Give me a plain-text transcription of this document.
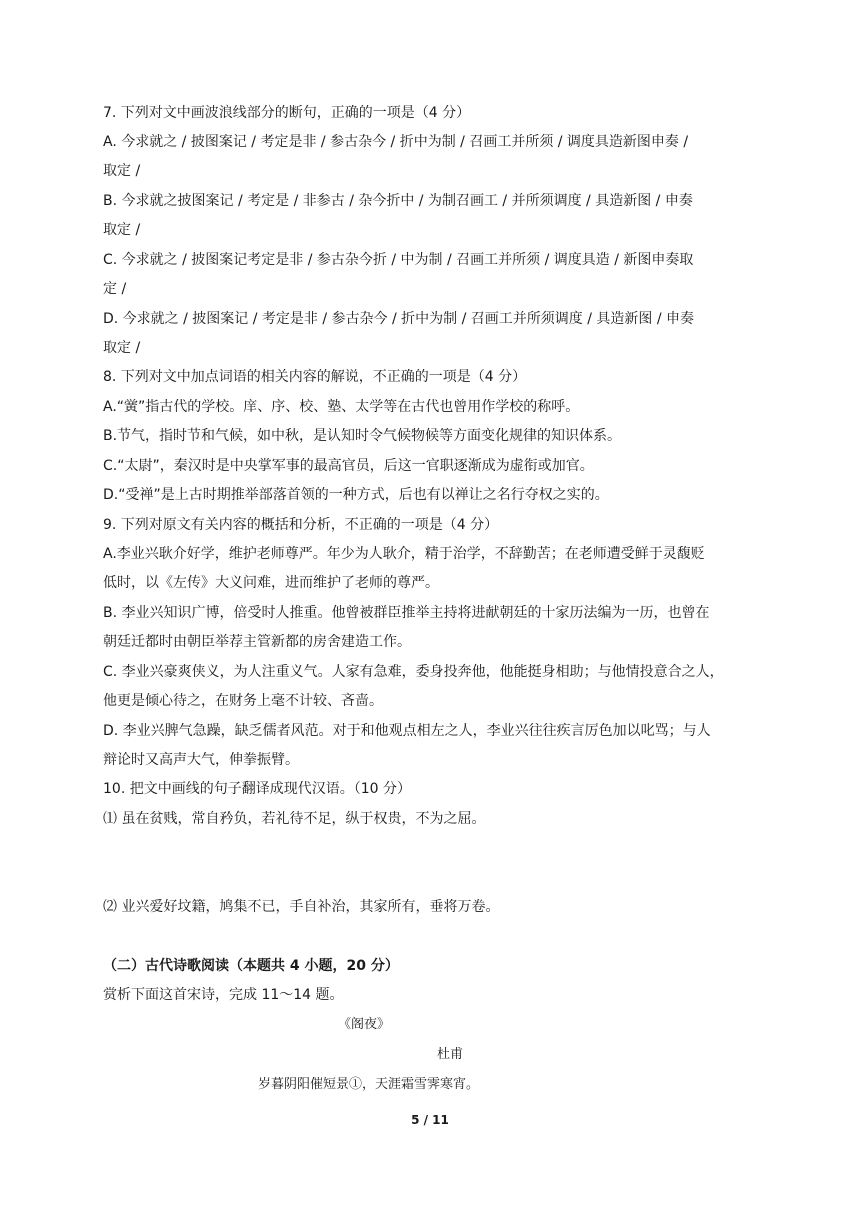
7. 下列对文中画波浪线部分的断句，正确的一项是（4 分）
A. 今求就之 / 披图案记 / 考定是非 / 参古杂今 / 折中为制 / 召画工并所须 / 调度具造新图申奏 /
取定 /
B. 今求就之披图案记 / 考定是 / 非参古 / 杂今折中 / 为制召画工 / 并所须调度 / 具造新图 / 申奏
取定 /
C. 今求就之 / 披图案记考定是非 / 参古杂今折 / 中为制 / 召画工并所须 / 调度具造 / 新图申奏取
定 /
D. 今求就之 / 披图案记 / 考定是非 / 参古杂今 / 折中为制 / 召画工并所须调度 / 具造新图 / 申奏
取定 /
8. 下列对文中加点词语的相关内容的解说，不正确的一项是（4 分）
A.“黉”指古代的学校。庠、序、校、塾、太学等在古代也曾用作学校的称呼。
B.节气，指时节和气候，如中秋，是认知时令气候物候等方面变化规律的知识体系。
C.“太尉”，秦汉时是中央掌军事的最高官员，后这一官职逐渐成为虚衔或加官。
D.“受禅”是上古时期推举部落首领的一种方式，后也有以禅让之名行夺权之实的。
9. 下列对原文有关内容的概括和分析，不正确的一项是（4 分）
A.李业兴耿介好学，维护老师尊严。年少为人耿介，精于治学，不辞勤苦；在老师遭受鲜于灵馥贬
低时，以《左传》大义问难，进而维护了老师的尊严。
B. 李业兴知识广博，倍受时人推重。他曾被群臣推举主持将进献朝廷的十家历法编为一历，也曾在
朝廷迁都时由朝臣举荐主管新都的房舍建造工作。
C. 李业兴豪爽侠义，为人注重义气。人家有急难，委身投奔他，他能挺身相助；与他情投意合之人，
他更是倾心待之，在财务上毫不计较、吝啬。
D. 李业兴脾气急躁，缺乏儒者风范。对于和他观点相左之人，李业兴往往疾言厉色加以叱骂；与人
辩论时又高声大气，伸拳振臂。
10. 把文中画线的句子翻译成现代汉语。（10 分）
⑴ 虽在贫贱，常自矜负，若礼待不足，纵于权贵，不为之屈。
⑵ 业兴爱好坟籍，鸠集不已，手自补治，其家所有，垂将万卷。
（二）古代诗歌阅读（本题共 4 小题，20 分）
赏析下面这首宋诗，完成 11～14 题。
《阁夜》
杜甫
岁暮阴阳催短景①，天涯霜雪霁寒宵。
5 / 11
